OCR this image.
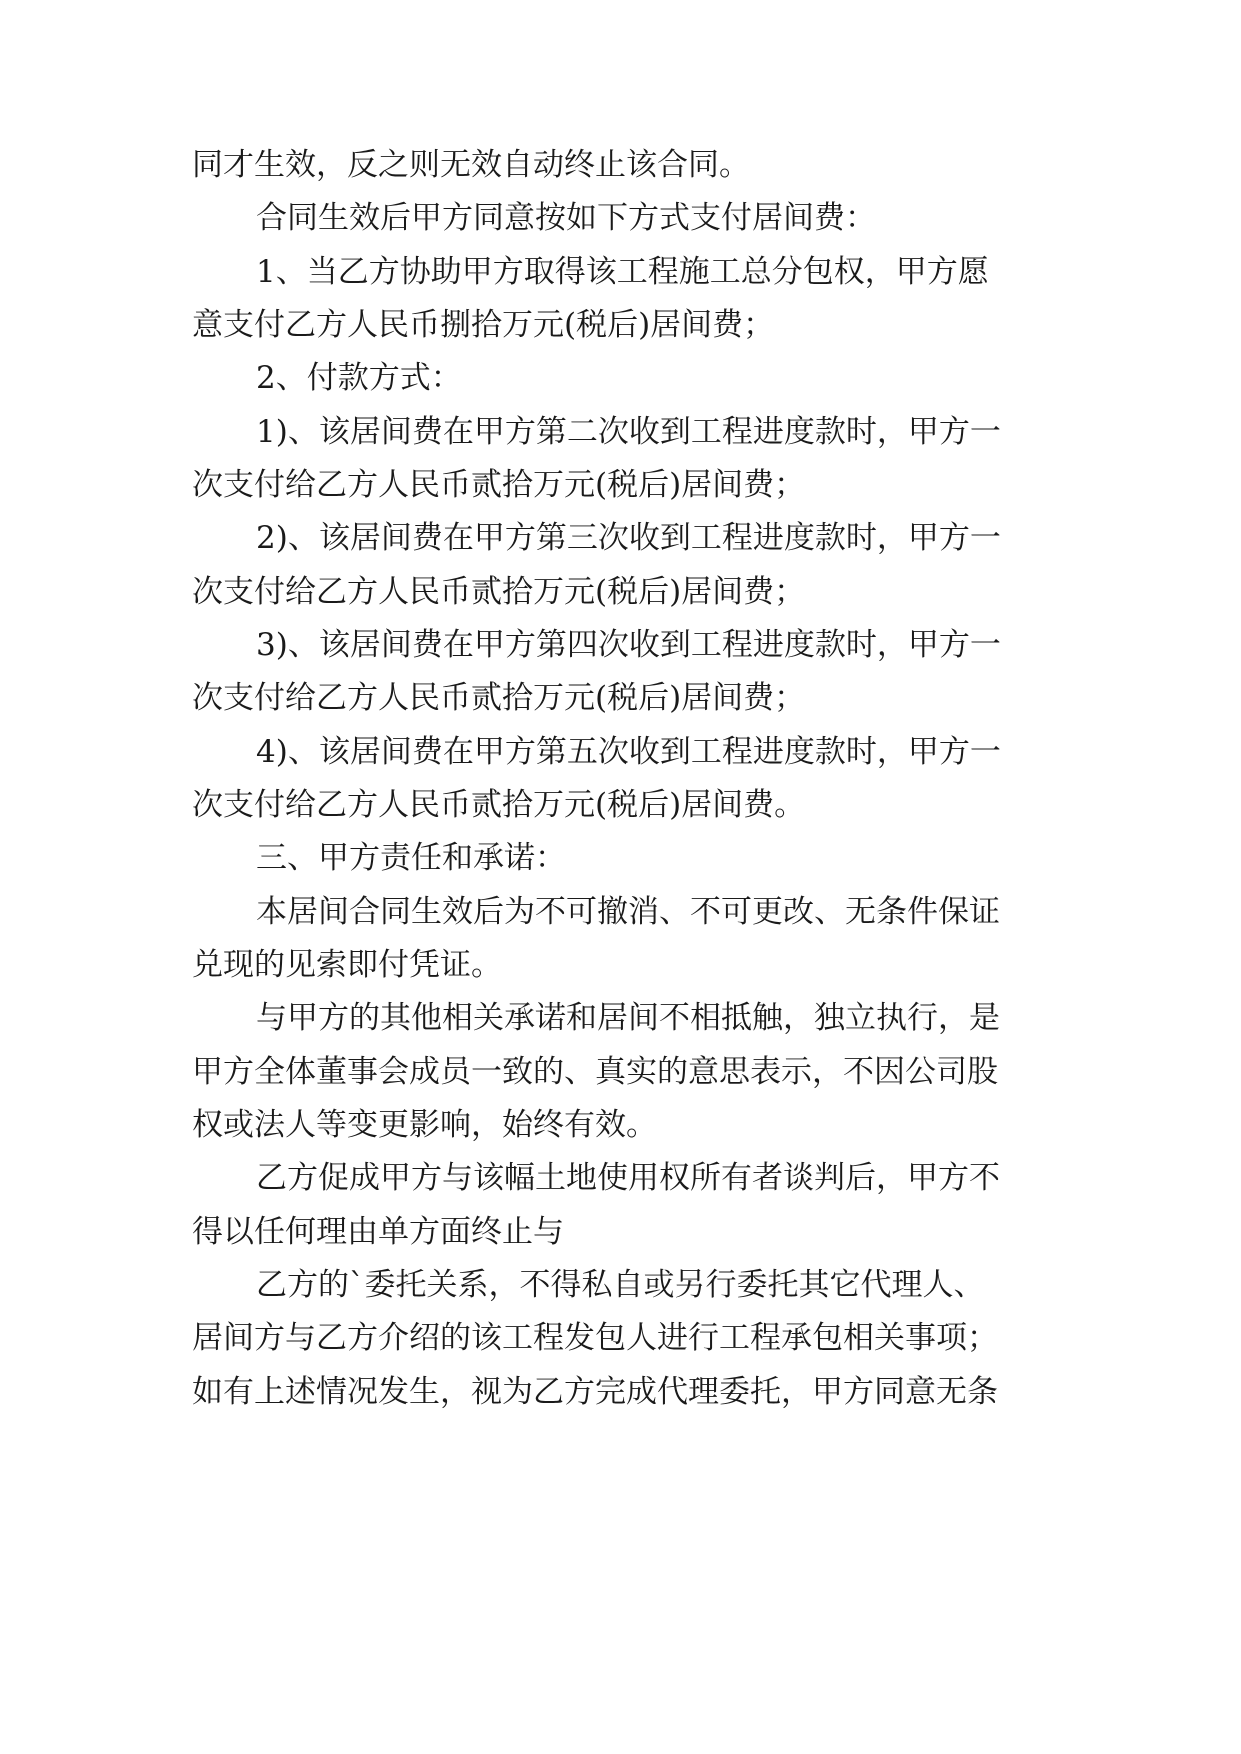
同才生效，反之则无效自动终止该合同。
合同生效后甲方同意按如下方式支付居间费：
1、当乙方协助甲方取得该工程施工总分包权，甲方愿
意支付乙方人民币捌拾万元(税后)居间费；
2、付款方式：
1)、该居间费在甲方第二次收到工程进度款时，甲方一
次支付给乙方人民币贰拾万元(税后)居间费；
2)、该居间费在甲方第三次收到工程进度款时，甲方一
次支付给乙方人民币贰拾万元(税后)居间费；
3)、该居间费在甲方第四次收到工程进度款时，甲方一
次支付给乙方人民币贰拾万元(税后)居间费；
4)、该居间费在甲方第五次收到工程进度款时，甲方一
次支付给乙方人民币贰拾万元(税后)居间费。
三、甲方责任和承诺：
本居间合同生效后为不可撤消、不可更改、无条件保证
兑现的见索即付凭证。
与甲方的其他相关承诺和居间不相抵触，独立执行，是
甲方全体董事会成员一致的、真实的意思表示，不因公司股
权或法人等变更影响，始终有效。
乙方促成甲方与该幅土地使用权所有者谈判后，甲方不
得以任何理由单方面终止与
乙方的`委托关系，不得私自或另行委托其它代理人、
居间方与乙方介绍的该工程发包人进行工程承包相关事项；
如有上述情况发生，视为乙方完成代理委托，甲方同意无条
